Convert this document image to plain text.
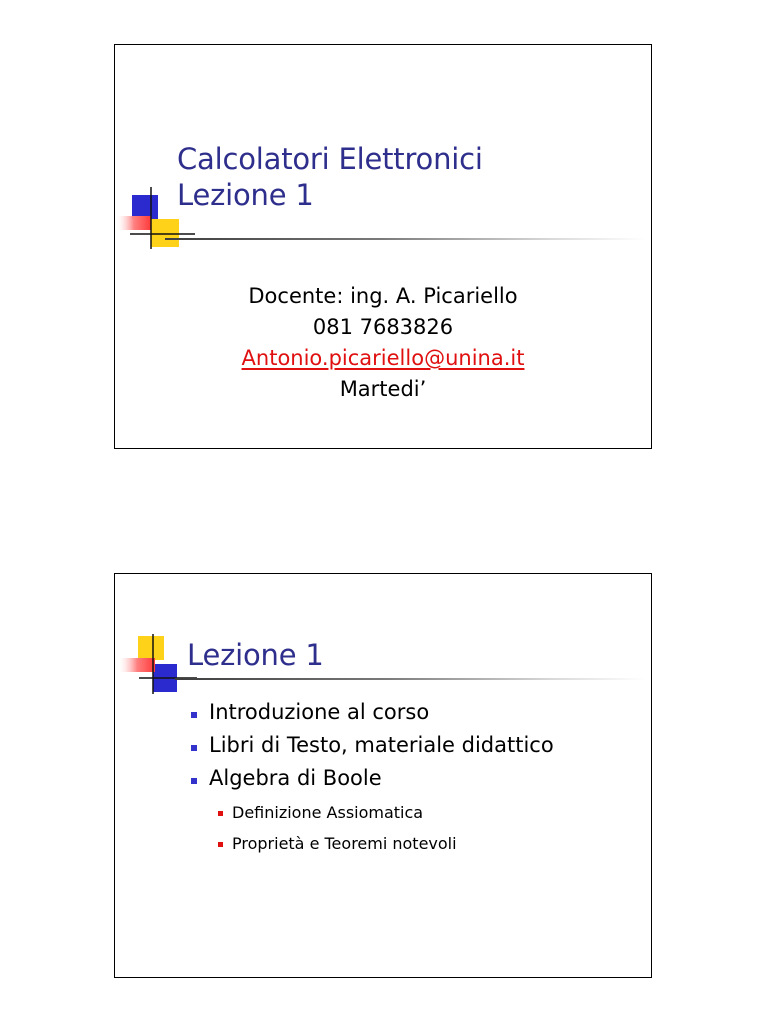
Calcolatori Elettronici
Lezione 1
Docente: ing. A. Picariello
081 7683826
Antonio.picariello@unina.it
Martedi’
Lezione 1
Introduzione al corso
Libri di Testo, materiale didattico
Algebra di Boole
Definizione Assiomatica
Proprietà e Teoremi notevoli
